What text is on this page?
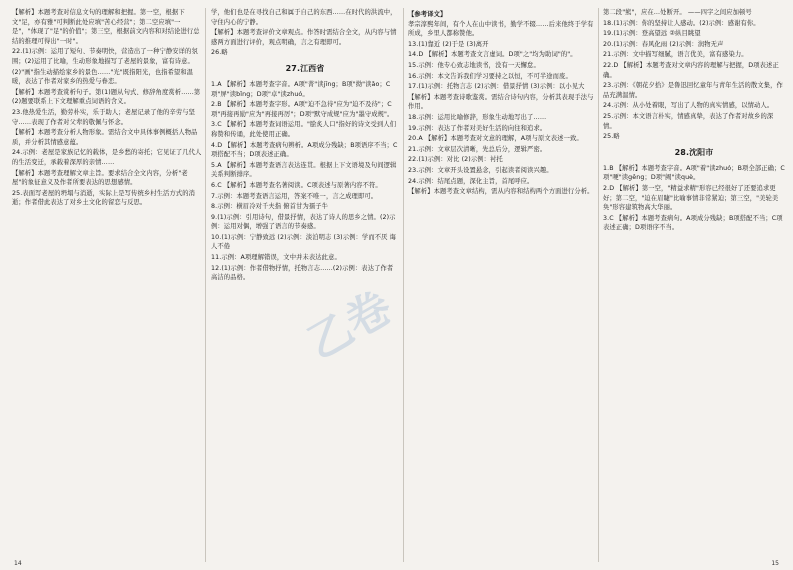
【解析】本题考查对信息文句的理解和把握。第一空，根据下文"足，亦有雅"可判断此处应填"苦心经营"；第二空应填"一是"，"体现了"足"的价值"；第三空，根据前文内容和对结论进行总结的推理可得出"一时"。

22.(1)示例：运用了短句、节奏明快，营造出了一种宁静安详的氛围；(2)运用了比喻，生动形象地描写了老屋的景象，富有诗意。

(2)"画"指生动描绘家乡的景色……"光"既指阳光，也指希望和温暖，表达了作者对家乡的热爱与眷恋。

【解析】本题考查赏析句子。第(1)题从句式、修辞角度赏析……第(2)题要联系上下文理解重点词语的含义。

23.他热爱生活，勤劳朴实，乐于助人；老屋记录了他的辛劳与坚守……表现了作者对父辈的敬佩与怀念。

【解析】本题考查分析人物形象。需结合文中具体事例概括人物品质，并分析其情感意蕴。

24.示例：老屋是家族记忆的载体，是乡愁的寄托；它见证了几代人的生活变迁，承载着深厚的亲情……

【解析】本题考查理解文章主旨。要求结合全文内容，分析"老屋"的象征意义及作者所要表达的思想感情。

25.表面写老屋的坍塌与消逝，实际上是写传统乡村生活方式的消逝；作者借此表达了对乡土文化的留恋与反思。

学，他们也是在寻找自己和属于自己的东西……在时代的洪流中，守住内心的宁静。

【解析】本题考查评价文章观点。作答时需结合全文，从内容与情感两方面进行评价，观点明确，言之有理即可。

26.略

27.江西省

1.A 【解析】本题考查字音。A项"菁"读jīng；B项"拗"读ǎo；C项"屏"读bǐng；D项"卓"读zhuó。

2.B 【解析】本题考查字形。A项"迫不急待"应为"迫不及待"；C项"再接再励"应为"再接再厉"；D项"默守成规"应为"墨守成规"。

3.C 【解析】本题考查词语运用。"脍炙人口"指好的诗文受到人们称赞和传诵，此处使用正确。

4.D 【解析】本题考查病句辨析。A项成分残缺；B项语序不当；C项搭配不当；D项表述正确。

5.A 【解析】本题考查语言表达连贯。根据上下文语境及句间逻辑关系判断排序。

6.C 【解析】本题考查名著阅读。C项表述与原著内容不符。

7.示例：本题考查语言运用，答案不唯一，言之成理即可。

8.示例：横眉冷对千夫指 俯首甘为孺子牛

9.(1)示例：引用诗句，借景抒情，表达了诗人的思乡之情。(2)示例：运用对偶，增强了语言的节奏感。

10.(1)示例：宁静致远 (2)示例：淡泊明志 (3)示例：学而不厌 诲人不倦

11.示例：A项理解错误，文中并未表达此意。

12.(1)示例：作者借物抒情，托物言志……(2)示例：表达了作者高洁的品格。

【参考译文】

孝宗淳熙年间，有个人在山中读书，勤学不辍……后来他终于学有所成，乡里人都称赞他。

13.(1)靠近 (2)于是 (3)离开

14.D 【解析】本题考查文言虚词。D项"之"均为助词"的"。

15.示例：他专心致志地读书，没有一天懈怠。

16.示例：本文告诉我们学习要持之以恒，不可半途而废。

17.(1)示例：托物言志 (2)示例：借景抒情 (3)示例：以小见大

【解析】本题考查诗歌鉴赏。需结合诗句内容，分析其表现手法与作用。

18.示例：运用比喻修辞，形象生动地写出了……

19.示例：表达了作者对美好生活的向往和追求。

20.A 【解析】本题考查对文意的理解，A项与原文表述一致。

21.示例：文章层次清晰，先总后分，逻辑严密。

22.(1)示例：对比 (2)示例：衬托

23.示例：文章开头设置悬念，引起读者阅读兴趣。

24.示例：结尾点题，深化主旨，首尾呼应。

【解析】本题考查文章结构，需从内容和结构两个方面进行分析。

第二段"熊"，应在…处断开。 ——四字之间应加顿号

18.(1)示例：你的坚持让人感动。(2)示例：感谢有你。

19.(1)示例：登高望远 ②纵目眺望

20.(1)示例：春风化雨 (2)示例：润物无声

21.示例：文中描写细腻，语言优美，富有感染力。

22.D 【解析】本题考查对文章内容的理解与把握，D项表述正确。

23.示例：《朝花夕拾》是鲁迅回忆童年与青年生活的散文集，作品充满温情。

24.示例：从小处着眼，写出了人物的真实情感，以情动人。

25.示例：本文语言朴实，情感真挚，表达了作者对故乡的深情。

25.略

28.沈阳市

1.B 【解析】本题考查字音。A项"着"读zhuó；B项全部正确；C项"哽"读gěng；D项"阙"读què。

2.D 【解析】第一空，"精益求精"形容已经很好了还要追求更好；第二空，"迫在眉睫"比喻事情非常紧迫；第三空，"美轮美奂"形容建筑物高大华丽。

3.C 【解析】本题考查病句。A项成分残缺；B项搭配不当；C项表述正确；D项语序不当。

乙卷
14	15
